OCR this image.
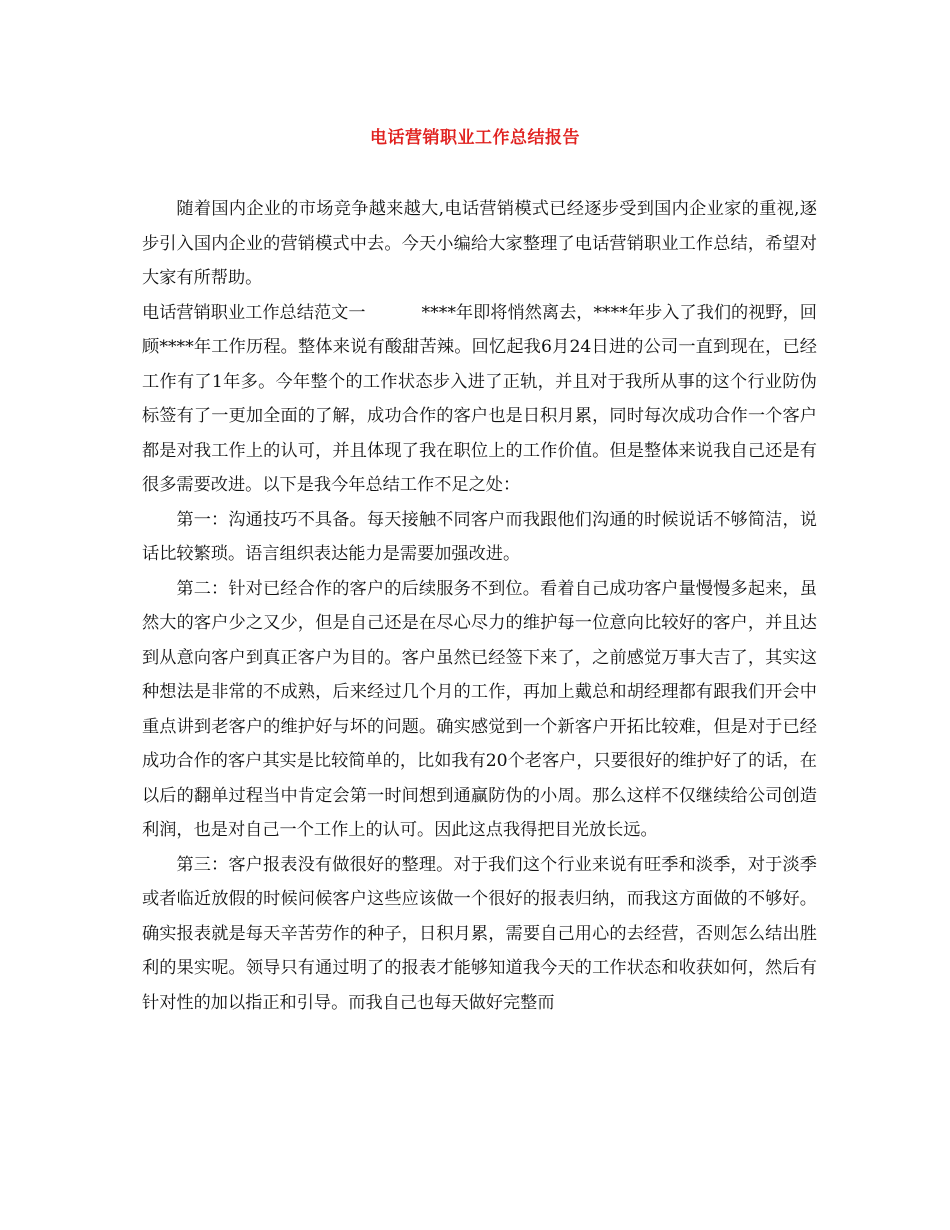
电话营销职业工作总结报告

随着国内企业的市场竞争越来越大,电话营销模式已经逐步受到国内企业家的重视,逐步引入国内企业的营销模式中去。今天小编给大家整理了电话营销职业工作总结，希望对大家有所帮助。

电话营销职业工作总结范文一	****年即将悄然离去，****年步入了我们的视野，回顾****年工作历程。整体来说有酸甜苦辣。回忆起我6月24日进的公司一直到现在，已经工作有了1年多。今年整个的工作状态步入进了正轨，并且对于我所从事的这个行业防伪标签有了一更加全面的了解，成功合作的客户也是日积月累，同时每次成功合作一个客户都是对我工作上的认可，并且体现了我在职位上的工作价值。但是整体来说我自己还是有很多需要改进。以下是我今年总结工作不足之处：

第一：沟通技巧不具备。每天接触不同客户而我跟他们沟通的时候说话不够简洁，说话比较繁琐。语言组织表达能力是需要加强改进。

第二：针对已经合作的客户的后续服务不到位。看着自己成功客户量慢慢多起来，虽然大的客户少之又少，但是自己还是在尽心尽力的维护每一位意向比较好的客户，并且达到从意向客户到真正客户为目的。客户虽然已经签下来了，之前感觉万事大吉了，其实这种想法是非常的不成熟，后来经过几个月的工作，再加上戴总和胡经理都有跟我们开会中重点讲到老客户的维护好与坏的问题。确实感觉到一个新客户开拓比较难，但是对于已经成功合作的客户其实是比较简单的，比如我有20个老客户，只要很好的维护好了的话，在以后的翻单过程当中肯定会第一时间想到通赢防伪的小周。那么这样不仅继续给公司创造利润，也是对自己一个工作上的认可。因此这点我得把目光放长远。

第三：客户报表没有做很好的整理。对于我们这个行业来说有旺季和淡季，对于淡季或者临近放假的时候问候客户这些应该做一个很好的报表归纳，而我这方面做的不够好。确实报表就是每天辛苦劳作的种子，日积月累，需要自己用心的去经营，否则怎么结出胜利的果实呢。领导只有通过明了的报表才能够知道我今天的工作状态和收获如何，然后有针对性的加以指正和引导。而我自己也每天做好完整而
